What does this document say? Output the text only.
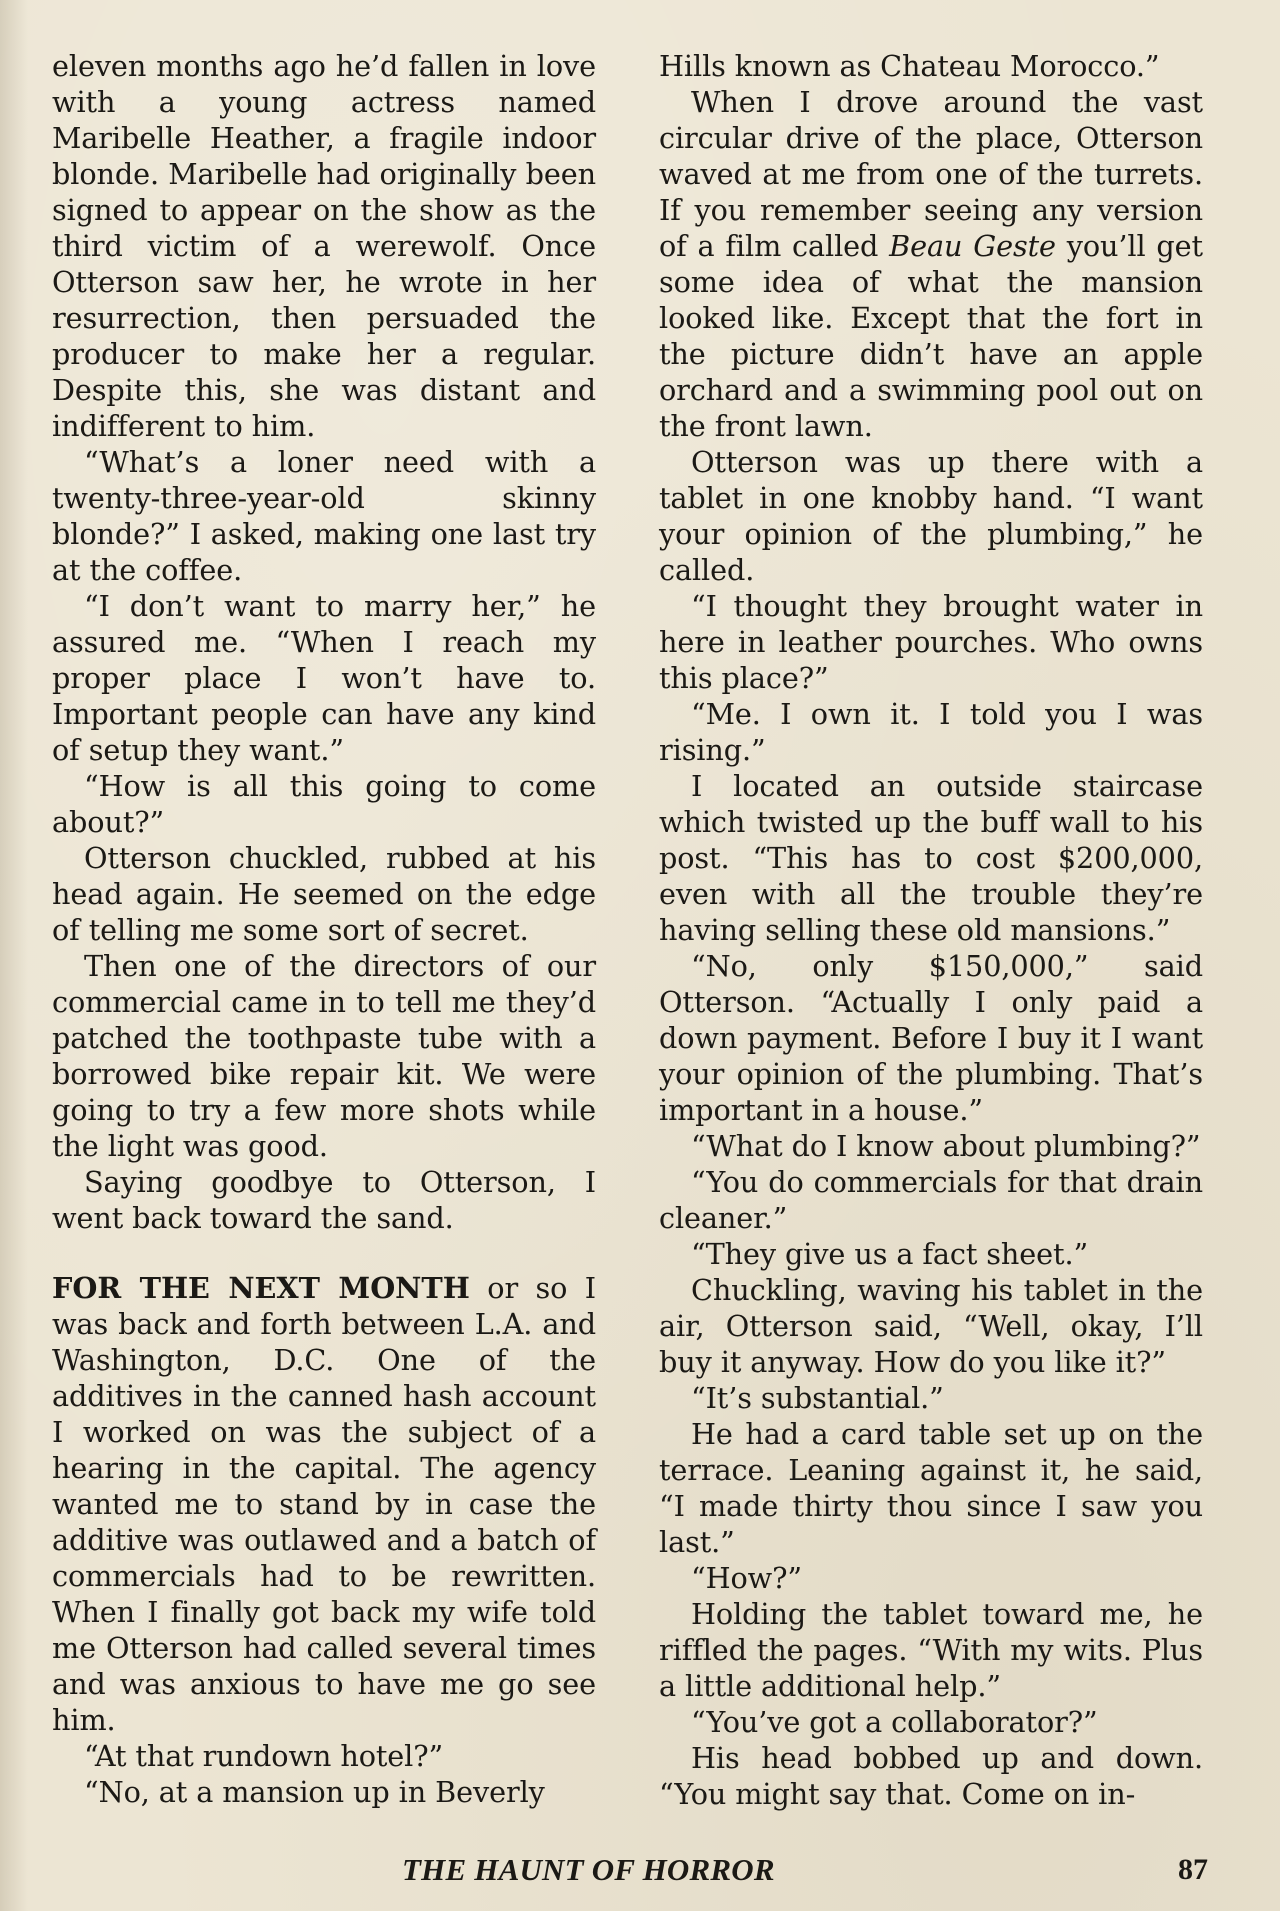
eleven months ago he’d fallen in love with a young actress named Maribelle Heather, a fragile indoor blonde. Maribelle had originally been signed to appear on the show as the third victim of a werewolf. Once Otterson saw her, he wrote in her resurrection, then persuaded the producer to make her a regular. Despite this, she was distant and indifferent to him.

“What’s a loner need with a twenty-three-year-old skinny blonde?” I asked, making one last try at the coffee.

“I don’t want to marry her,” he assured me. “When I reach my proper place I won’t have to. Important people can have any kind of setup they want.”

“How is all this going to come about?”

Otterson chuckled, rubbed at his head again. He seemed on the edge of telling me some sort of secret.

Then one of the directors of our commercial came in to tell me they’d patched the toothpaste tube with a borrowed bike repair kit. We were going to try a few more shots while the light was good.

Saying goodbye to Otterson, I went back toward the sand.

FOR THE NEXT MONTH or so I was back and forth between L.A. and Washington, D.C. One of the additives in the canned hash account I worked on was the subject of a hearing in the capital. The agency wanted me to stand by in case the additive was outlawed and a batch of commercials had to be rewritten. When I finally got back my wife told me Otterson had called several times and was anxious to have me go see him.

“At that rundown hotel?”

“No, at a mansion up in Beverly

Hills known as Chateau Morocco.”

When I drove around the vast circular drive of the place, Otterson waved at me from one of the turrets. If you remember seeing any version of a film called Beau Geste you’ll get some idea of what the mansion looked like. Except that the fort in the picture didn’t have an apple orchard and a swimming pool out on the front lawn.

Otterson was up there with a tablet in one knobby hand. “I want your opinion of the plumbing,” he called.

“I thought they brought water in here in leather pourches. Who owns this place?”

“Me. I own it. I told you I was rising.”

I located an outside staircase which twisted up the buff wall to his post. “This has to cost $200,000, even with all the trouble they’re having selling these old mansions.”

“No, only $150,000,” said Otterson. “Actually I only paid a down payment. Before I buy it I want your opinion of the plumbing. That’s important in a house.”

“What do I know about plumbing?”

“You do commercials for that drain cleaner.”

“They give us a fact sheet.”

Chuckling, waving his tablet in the air, Otterson said, “Well, okay, I’ll buy it anyway. How do you like it?”

“It’s substantial.”

He had a card table set up on the terrace. Leaning against it, he said, “I made thirty thou since I saw you last.”

“How?”

Holding the tablet toward me, he riffled the pages. “With my wits. Plus a little additional help.”

“You’ve got a collaborator?”

His head bobbed up and down. “You might say that. Come on in-

THE HAUNT OF HORROR	87
